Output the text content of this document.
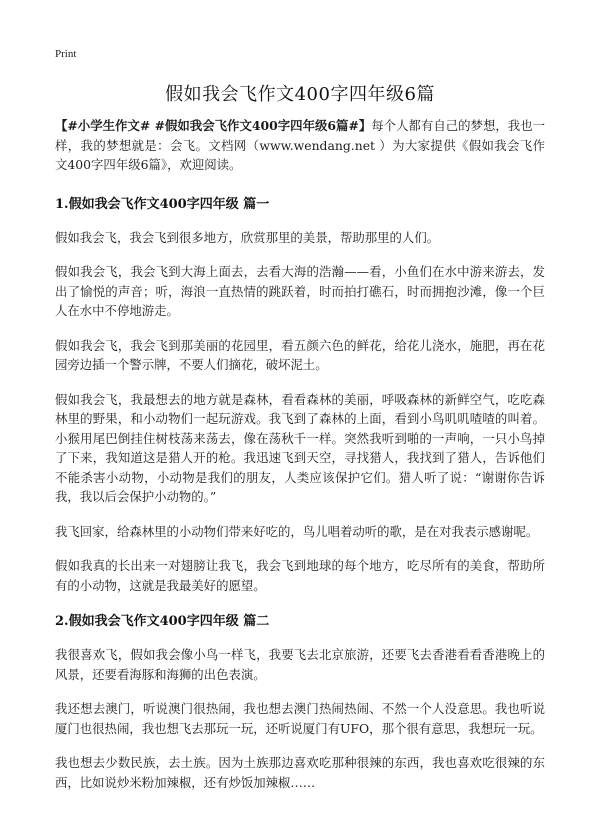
Print
假如我会飞作文400字四年级6篇

【#小学生作文# #假如我会飞作文400字四年级6篇#】每个人都有自己的梦想，我也一样，我的梦想就是：会飞。文档网（www.wendang.net ）为大家提供《假如我会飞作文400字四年级6篇》，欢迎阅读。

1.假如我会飞作文400字四年级 篇一

假如我会飞，我会飞到很多地方，欣赏那里的美景，帮助那里的人们。

假如我会飞，我会飞到大海上面去，去看大海的浩瀚——看，小鱼们在水中游来游去，发出了愉悦的声音；听，海浪一直热情的跳跃着，时而拍打礁石，时而拥抱沙滩，像一个巨人在水中不停地游走。

假如我会飞，我会飞到那美丽的花园里，看五颜六色的鲜花，给花儿浇水，施肥，再在花园旁边插一个警示牌，不要人们摘花，破坏泥土。

假如我会飞，我最想去的地方就是森林，看看森林的美丽，呼吸森林的新鲜空气，吃吃森林里的野果，和小动物们一起玩游戏。我飞到了森林的上面，看到小鸟叽叽喳喳的叫着。小猴用尾巴倒挂住树枝荡来荡去，像在荡秋千一样。突然我听到啪的一声响，一只小鸟掉了下来，我知道这是猎人开的枪。我迅速飞到天空，寻找猎人，我找到了猎人，告诉他们不能杀害小动物，小动物是我们的朋友，人类应该保护它们。猎人听了说：“谢谢你告诉我，我以后会保护小动物的。”

我飞回家，给森林里的小动物们带来好吃的，鸟儿唱着动听的歌，是在对我表示感谢呢。

假如我真的长出来一对翅膀让我飞，我会飞到地球的每个地方，吃尽所有的美食，帮助所有的小动物，这就是我最美好的愿望。

2.假如我会飞作文400字四年级 篇二

我很喜欢飞，假如我会像小鸟一样飞，我要飞去北京旅游，还要飞去香港看看香港晚上的风景，还要看海豚和海狮的出色表演。

我还想去澳门，听说澳门很热闹，我也想去澳门热闹热闹、不然一个人没意思。我也听说厦门也很热闹，我也想飞去那玩一玩，还听说厦门有UFO，那个很有意思，我想玩一玩。

我也想去少数民族，去土族。因为土族那边喜欢吃那种很辣的东西，我也喜欢吃很辣的东西，比如说炒米粉加辣椒，还有炒饭加辣椒……
